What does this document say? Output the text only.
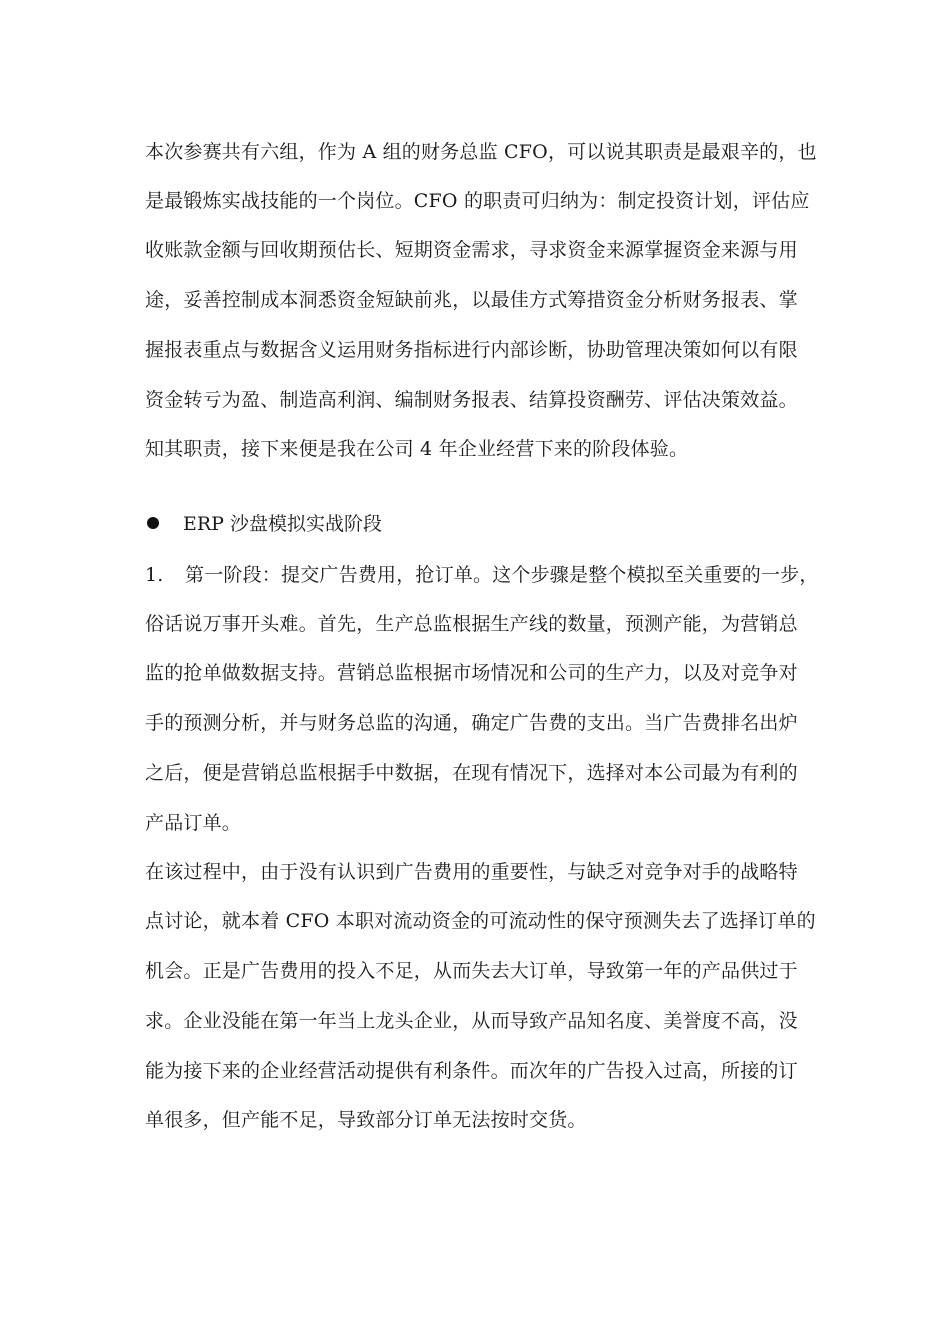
本次参赛共有六组，作为 A 组的财务总监 CFO，可以说其职责是最艰辛的，也
是最锻炼实战技能的一个岗位。CFO 的职责可归纳为：制定投资计划，评估应
收账款金额与回收期预估长、短期资金需求，寻求资金来源掌握资金来源与用
途，妥善控制成本洞悉资金短缺前兆，以最佳方式筹措资金分析财务报表、掌
握报表重点与数据含义运用财务指标进行内部诊断，协助管理决策如何以有限
资金转亏为盈、制造高利润、编制财务报表、结算投资酬劳、评估决策效益。
知其职责，接下来便是我在公司 4 年企业经营下来的阶段体验。
ERP 沙盘模拟实战阶段
1. 第一阶段：提交广告费用，抢订单。这个步骤是整个模拟至关重要的一步，
俗话说万事开头难。首先，生产总监根据生产线的数量，预测产能，为营销总
监的抢单做数据支持。营销总监根据市场情况和公司的生产力，以及对竞争对
手的预测分析，并与财务总监的沟通，确定广告费的支出。当广告费排名出炉
之后，便是营销总监根据手中数据，在现有情况下，选择对本公司最为有利的
产品订单。
在该过程中，由于没有认识到广告费用的重要性，与缺乏对竞争对手的战略特
点讨论，就本着 CFO 本职对流动资金的可流动性的保守预测失去了选择订单的
机会。正是广告费用的投入不足，从而失去大订单，导致第一年的产品供过于
求。企业没能在第一年当上龙头企业，从而导致产品知名度、美誉度不高，没
能为接下来的企业经营活动提供有利条件。而次年的广告投入过高，所接的订
单很多，但产能不足，导致部分订单无法按时交货。
